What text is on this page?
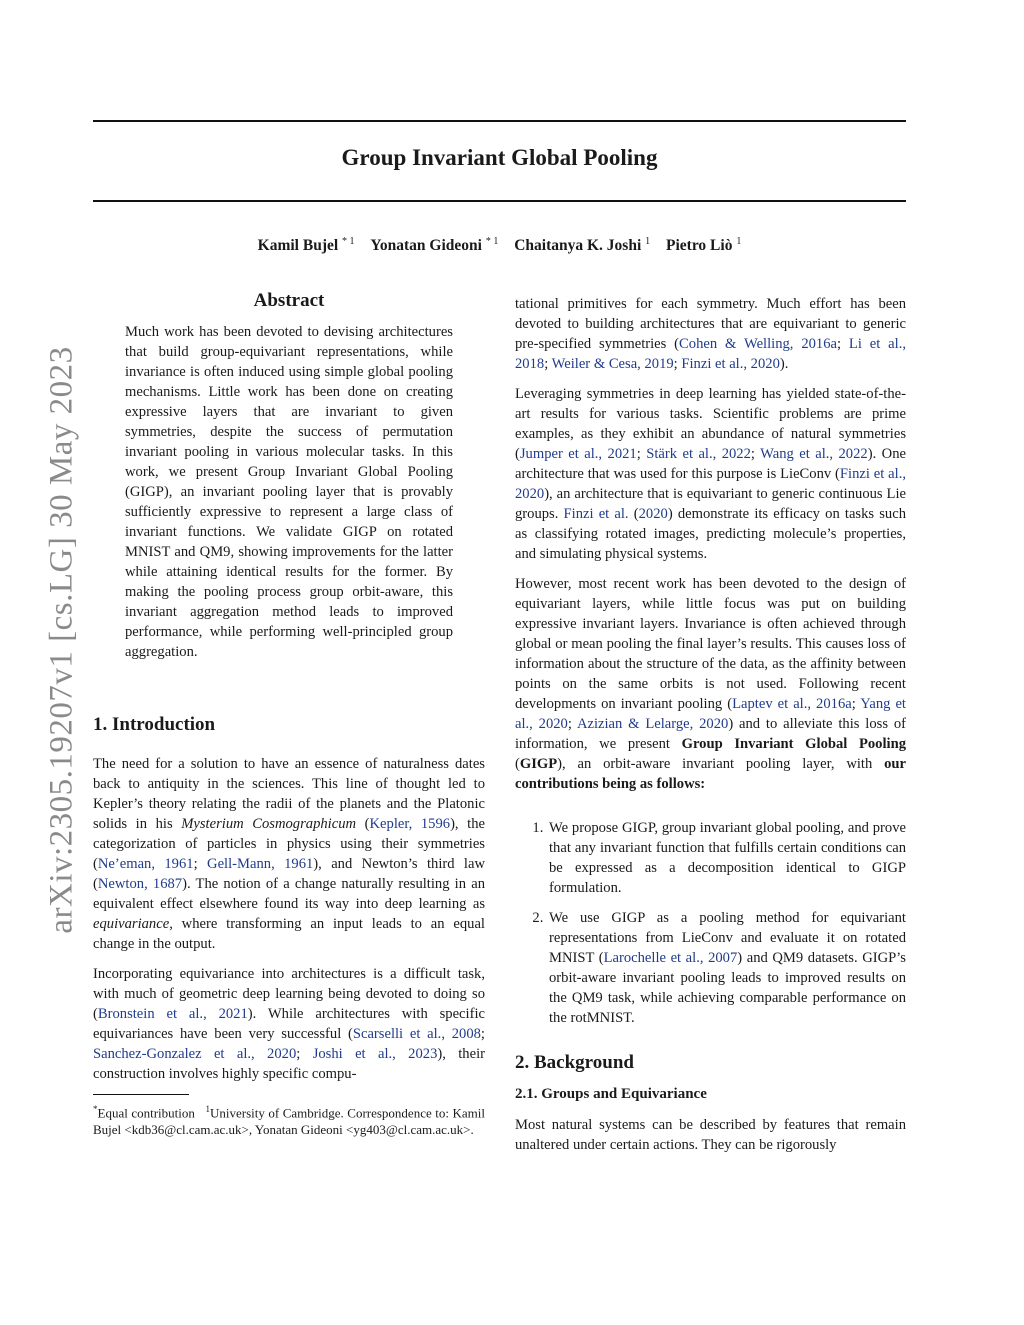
Group Invariant Global Pooling
Kamil Bujel $^{* 1}$ Yonatan Gideoni $^{* 1}$ Chaitanya K. Joshi $^1$ Pietro Liò $^1$
arXiv:2305.19207v1 [cs.LG] 30 May 2023
Abstract
Much work has been devoted to devising architectures that build group-equivariant representations, while invariance is often induced using simple global pooling mechanisms. Little work has been done on creating expressive layers that are invariant to given symmetries, despite the success of permutation invariant pooling in various molecular tasks. In this work, we present Group Invariant Global Pooling (GIGP), an invariant pooling layer that is provably sufficiently expressive to represent a large class of invariant functions. We validate GIGP on rotated MNIST and QM9, showing improvements for the latter while attaining identical results for the former. By making the pooling process group orbit-aware, this invariant aggregation method leads to improved performance, while performing well-principled group aggregation.
1. Introduction

The need for a solution to have an essence of naturalness dates back to antiquity in the sciences. This line of thought led to Kepler’s theory relating the radii of the planets and the Platonic solids in his Mysterium Cosmographicum (Kepler, 1596), the categorization of particles in physics using their symmetries (Ne’eman, 1961; Gell-Mann, 1961), and Newton’s third law (Newton, 1687). The notion of a change naturally resulting in an equivalent effect elsewhere found its way into deep learning as equivariance, where transforming an input leads to an equal change in the output.

Incorporating equivariance into architectures is a difficult task, with much of geometric deep learning being devoted to doing so (Bronstein et al., 2021). While architectures with specific equivariances have been very successful (Scarselli et al., 2008; Sanchez-Gonzalez et al., 2020; Joshi et al., 2023), their construction involves highly specific compu-

*Equal contribution $^1$University of Cambridge. Correspondence to: Kamil Bujel <kdb36@cl.cam.ac.uk>, Yonatan Gideoni <yg403@cl.cam.ac.uk>.

tational primitives for each symmetry. Much effort has been devoted to building architectures that are equivariant to generic pre-specified symmetries (Cohen & Welling, 2016a; Li et al., 2018; Weiler & Cesa, 2019; Finzi et al., 2020).

Leveraging symmetries in deep learning has yielded state-of-the-art results for various tasks. Scientific problems are prime examples, as they exhibit an abundance of natural symmetries (Jumper et al., 2021; Stärk et al., 2022; Wang et al., 2022). One architecture that was used for this purpose is LieConv (Finzi et al., 2020), an architecture that is equivariant to generic continuous Lie groups. Finzi et al. (2020) demonstrate its efficacy on tasks such as classifying rotated images, predicting molecule’s properties, and simulating physical systems.

However, most recent work has been devoted to the design of equivariant layers, while little focus was put on building expressive invariant layers. Invariance is often achieved through global or mean pooling the final layer’s results. This causes loss of information about the structure of the data, as the affinity between points on the same orbits is not used. Following recent developments on invariant pooling (Laptev et al., 2016a; Yang et al., 2020; Azizian & Lelarge, 2020) and to alleviate this loss of information, we present Group Invariant Global Pooling (GIGP), an orbit-aware invariant pooling layer, with our contributions being as follows:

1. We propose GIGP, group invariant global pooling, and prove that any invariant function that fulfills certain conditions can be expressed as a decomposition identical to GIGP formulation.
2. We use GIGP as a pooling method for equivariant representations from LieConv and evaluate it on rotated MNIST (Larochelle et al., 2007) and QM9 datasets. GIGP’s orbit-aware invariant pooling leads to improved results on the QM9 task, while achieving comparable performance on the rotMNIST.
2. Background
2.1. Groups and Equivariance

Most natural systems can be described by features that remain unaltered under certain actions. They can be rigorously
